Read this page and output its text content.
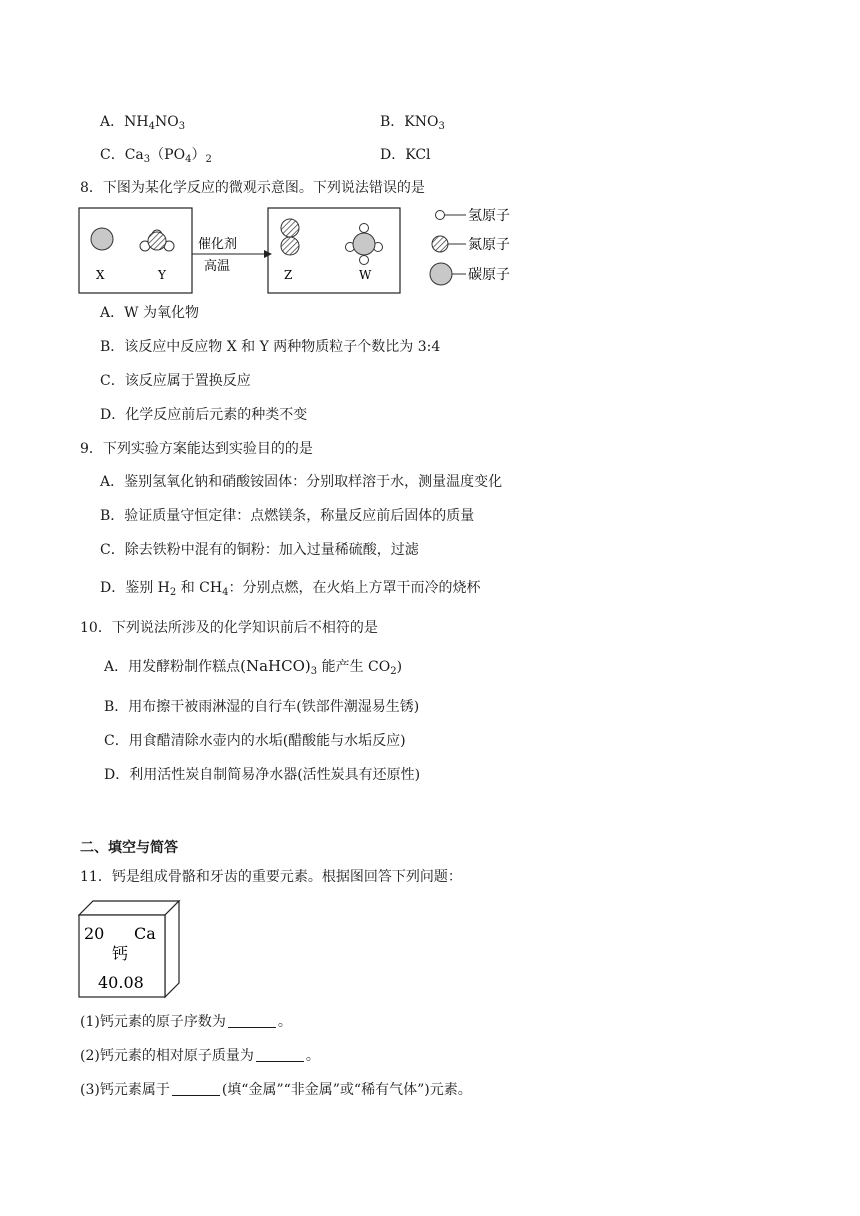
A．$NH_4NO_3$	B．$KNO_3$
C．$Ca_3(PO_4)_2$	D．KCl
8．下图为某化学反应的微观示意图。下列说法错误的是
X	Y
催化剂
高温
Z	W
氢原子
氮原子
碳原子
A．W 为氧化物
B．该反应中反应物 X 和 Y 两种物质粒子个数比为 3:4
C．该反应属于置换反应
D．化学反应前后元素的种类不变
9．下列实验方案能达到实验目的的是
A．鉴别氢氧化钠和硝酸铵固体：分别取样溶于水，测量温度变化
B．验证质量守恒定律：点燃镁条，称量反应前后固体的质量
C．除去铁粉中混有的铜粉：加入过量稀硫酸，过滤
D．鉴别 $H_2$ 和 $CH_4$：分别点燃，在火焰上方罩干而冷的烧杯
10．下列说法所涉及的化学知识前后不相符的是
A．用发酵粉制作糕点$(NaHCO)_3$ 能产生 $CO_2$)
B．用布擦干被雨淋湿的自行车(铁部件潮湿易生锈)
C．用食醋清除水壶内的水垢(醋酸能与水垢反应)
D．利用活性炭自制简易净水器(活性炭具有还原性)
二、填空与简答
11．钙是组成骨骼和牙齿的重要元素。根据图回答下列问题：
20 Ca
钙
40.08
(1)钙元素的原子序数为	。
(2)钙元素的相对原子质量为	。
(3)钙元素属于	(填“金属”“非金属”或“稀有气体”)元素。
